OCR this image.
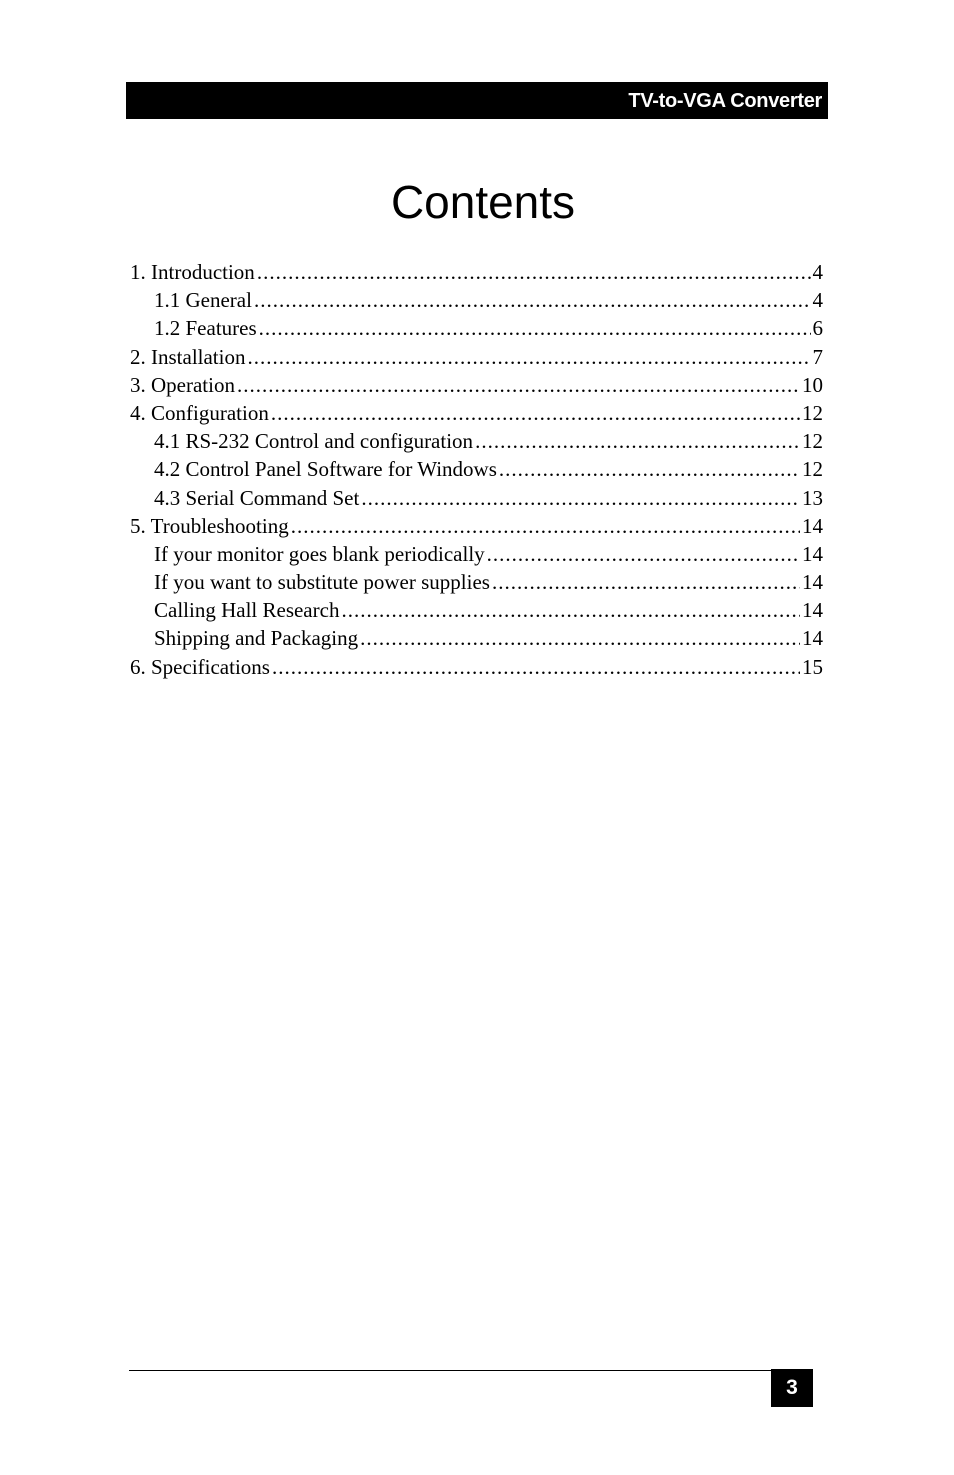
TV-to-VGA Converter
Contents
1. Introduction .....	4
1.1 General .....	4
1.2 Features .....	6
2. Installation .....	7
3. Operation .....	10
4. Configuration .....	12
4.1 RS-232 Control and configuration .....	12
4.2 Control Panel Software for Windows .....	12
4.3 Serial Command Set .....	13
5. Troubleshooting .....	14
If your monitor goes blank periodically .....	14
If you want to substitute power supplies .....	14
Calling Hall Research .....	14
Shipping and Packaging .....	14
6. Specifications .....	15
3
